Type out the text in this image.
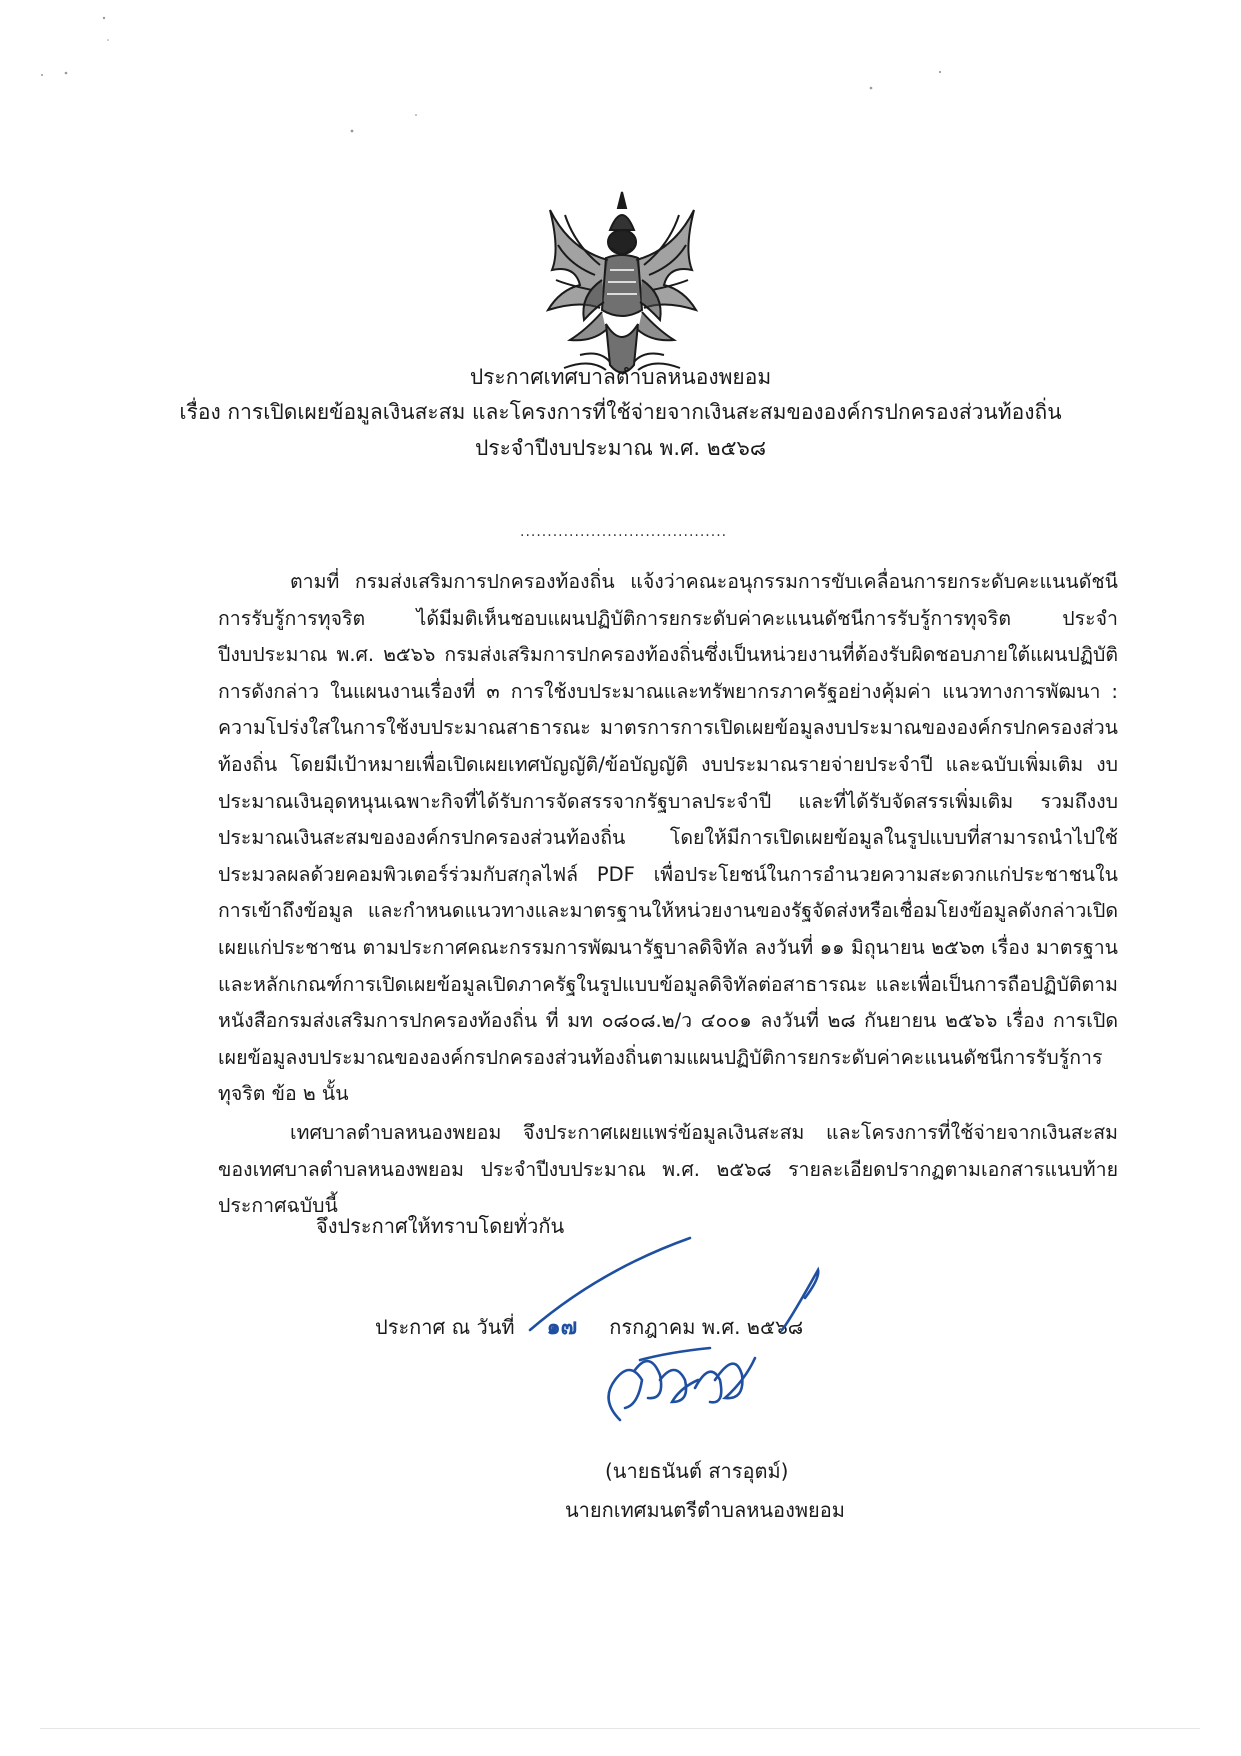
ประกาศเทศบาลตำบลหนองพยอม
เรื่อง การเปิดเผยข้อมูลเงินสะสม และโครงการที่ใช้จ่ายจากเงินสะสมขององค์กรปกครองส่วนท้องถิ่น
ประจำปีงบประมาณ พ.ศ. ๒๕๖๘
......................................

ตามที่ กรมส่งเสริมการปกครองท้องถิ่น แจ้งว่าคณะอนุกรรมการขับเคลื่อนการยกระดับคะแนนดัชนีการรับรู้การทุจริต ได้มีมติเห็นชอบแผนปฏิบัติการยกระดับค่าคะแนนดัชนีการรับรู้การทุจริต ประจำปีงบประมาณ พ.ศ. ๒๕๖๖ กรมส่งเสริมการปกครองท้องถิ่นซึ่งเป็นหน่วยงานที่ต้องรับผิดชอบภายใต้แผนปฏิบัติการดังกล่าว ในแผนงานเรื่องที่ ๓ การใช้งบประมาณและทรัพยากรภาครัฐอย่างคุ้มค่า แนวทางการพัฒนา : ความโปร่งใสในการใช้งบประมาณสาธารณะ มาตรการการเปิดเผยข้อมูลงบประมาณขององค์กรปกครองส่วนท้องถิ่น โดยมีเป้าหมายเพื่อเปิดเผยเทศบัญญัติ/ข้อบัญญัติ งบประมาณรายจ่ายประจำปี และฉบับเพิ่มเติม งบประมาณเงินอุดหนุนเฉพาะกิจที่ได้รับการจัดสรรจากรัฐบาลประจำปี และที่ได้รับจัดสรรเพิ่มเติม รวมถึงงบประมาณเงินสะสมขององค์กรปกครองส่วนท้องถิ่น โดยให้มีการเปิดเผยข้อมูลในรูปแบบที่สามารถนำไปใช้ประมวลผลด้วยคอมพิวเตอร์ร่วมกับสกุลไฟล์ PDF เพื่อประโยชน์ในการอำนวยความสะดวกแก่ประชาชนในการเข้าถึงข้อมูล และกำหนดแนวทางและมาตรฐานให้หน่วยงานของรัฐจัดส่งหรือเชื่อมโยงข้อมูลดังกล่าวเปิดเผยแก่ประชาชน ตามประกาศคณะกรรมการพัฒนารัฐบาลดิจิทัล ลงวันที่ ๑๑ มิถุนายน ๒๕๖๓ เรื่อง มาตรฐานและหลักเกณฑ์การเปิดเผยข้อมูลเปิดภาครัฐในรูปแบบข้อมูลดิจิทัลต่อสาธารณะ และเพื่อเป็นการถือปฏิบัติตามหนังสือกรมส่งเสริมการปกครองท้องถิ่น ที่ มท ๐๘๐๘.๒/ว ๔๐๐๑ ลงวันที่ ๒๘ กันยายน ๒๕๖๖ เรื่อง การเปิดเผยข้อมูลงบประมาณขององค์กรปกครองส่วนท้องถิ่นตามแผนปฏิบัติการยกระดับค่าคะแนนดัชนีการรับรู้การทุจริต ข้อ ๒ นั้น

เทศบาลตำบลหนองพยอม จึงประกาศเผยแพร่ข้อมูลเงินสะสม และโครงการที่ใช้จ่ายจากเงินสะสมของเทศบาลตำบลหนองพยอม ประจำปีงบประมาณ พ.ศ. ๒๕๖๘ รายละเอียดปรากฏตามเอกสารแนบท้ายประกาศฉบับนี้

จึงประกาศให้ทราบโดยทั่วกัน
ประกาศ ณ วันที่ ๑๗ กรกฎาคม พ.ศ. ๒๕๖๘
(นายธนันต์ สารอุตม์)
นายกเทศมนตรีตำบลหนองพยอม
